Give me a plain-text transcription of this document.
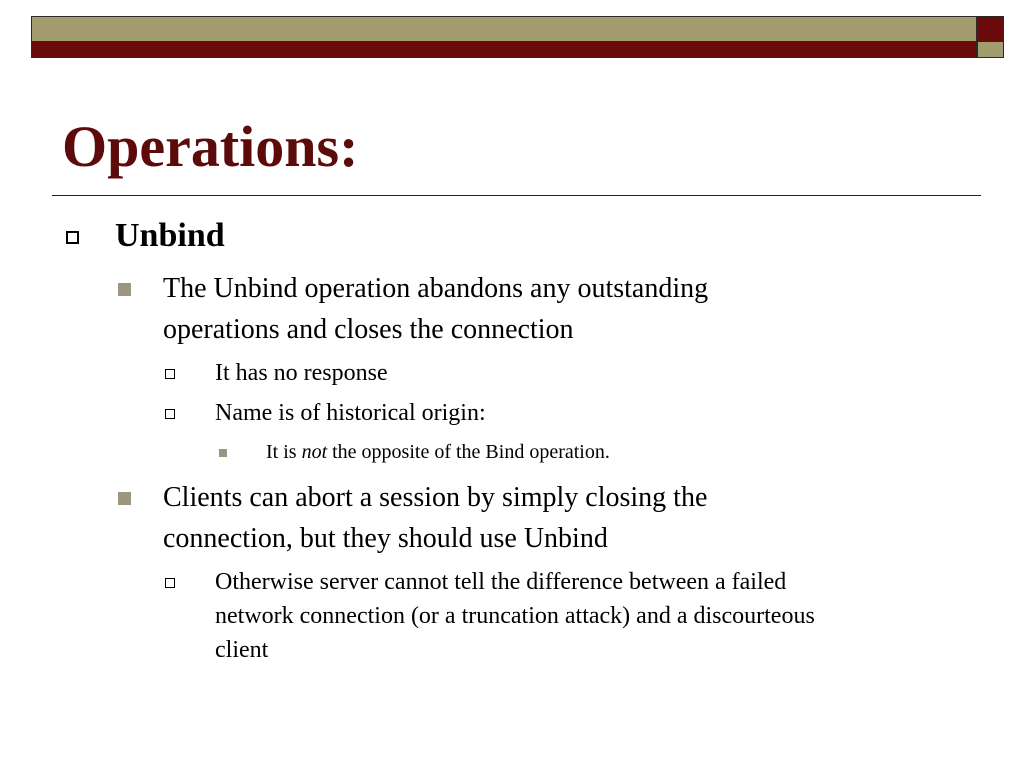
Operations:
Unbind
The Unbind operation abandons any outstanding
operations and closes the connection
It has no response
Name is of historical origin:
It is not the opposite of the Bind operation.
Clients can abort a session by simply closing the
connection, but they should use Unbind
Otherwise server cannot tell the difference between a failed
network connection (or a truncation attack) and a discourteous
client
